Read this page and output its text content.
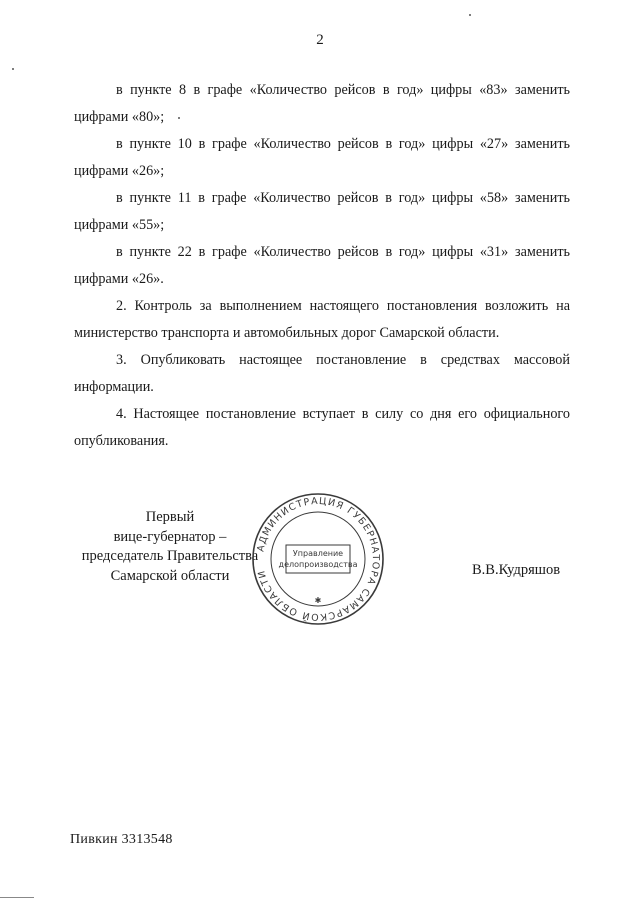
2

в пункте 8 в графе «Количество рейсов в год» цифры «83» заменить
цифрами «80»;

в пункте 10 в графе «Количество рейсов в год» цифры «27» заменить
цифрами «26»;

в пункте 11 в графе «Количество рейсов в год» цифры «58» заменить
цифрами «55»;

в пункте 22 в графе «Количество рейсов в год» цифры «31» заменить
цифрами «26».

2. Контроль за выполнением настоящего постановления возложить на
министерство транспорта и автомобильных дорог Самарской области.

3. Опубликовать настоящее постановление в средствах массовой
информации.

4. Настоящее постановление вступает в силу со дня его официального
опубликования.

Первый
вице-губернатор –
председатель Правительства
Самарской области
АДМИНИСТРАЦИЯ ГУБЕРНАТОРА САМАРСКОЙ ОБЛАСТИ
Управление
делопроизводства
✱
В.В.Кудряшов
Пивкин 3313548
